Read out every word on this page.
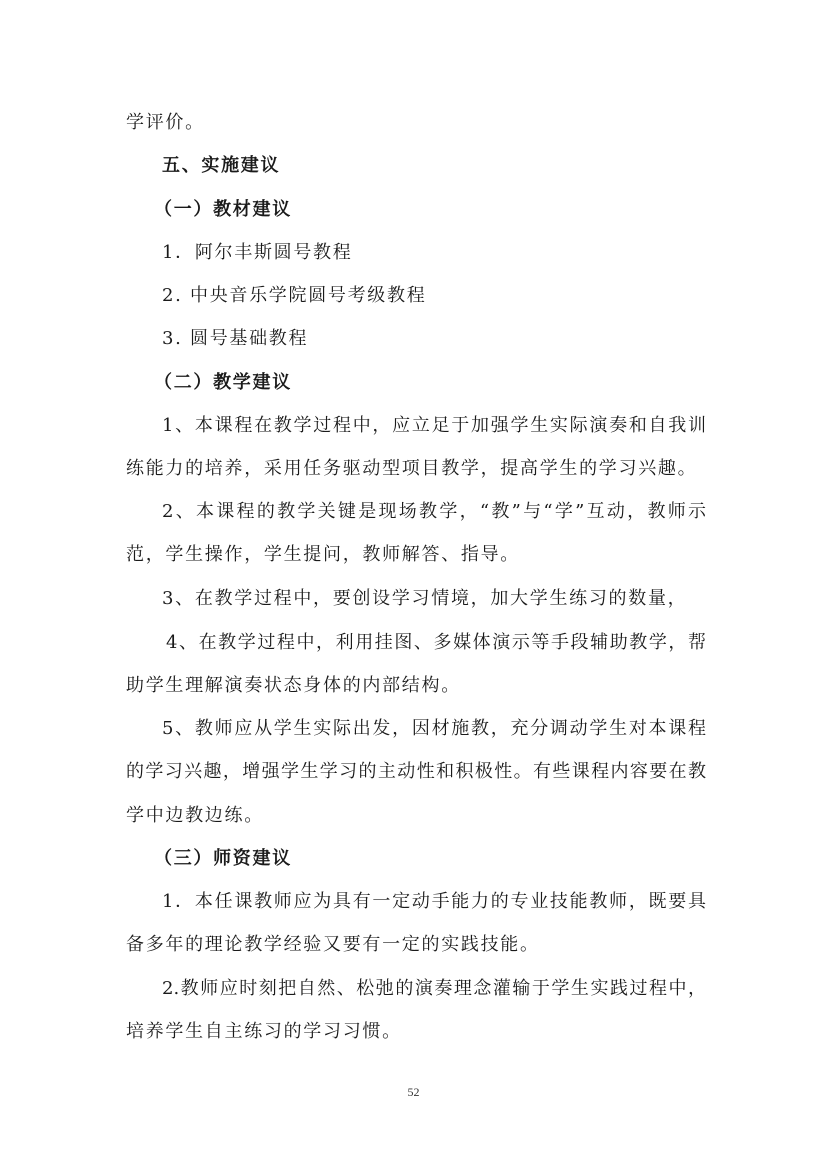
学评价。
五、实施建议
（一）教材建议
1．阿尔丰斯圆号教程
2. 中央音乐学院圆号考级教程
3. 圆号基础教程
（二）教学建议
1、本课程在教学过程中，应立足于加强学生实际演奏和自我训
练能力的培养，采用任务驱动型项目教学，提高学生的学习兴趣。
2、本课程的教学关键是现场教学，“教”与“学”互动，教师示
范，学生操作，学生提问，教师解答、指导。
3、在教学过程中，要创设学习情境，加大学生练习的数量，
4、在教学过程中，利用挂图、多媒体演示等手段辅助教学，帮
助学生理解演奏状态身体的内部结构。
5、教师应从学生实际出发，因材施教，充分调动学生对本课程
的学习兴趣，增强学生学习的主动性和积极性。有些课程内容要在教
学中边教边练。
（三）师资建议
1．本任课教师应为具有一定动手能力的专业技能教师，既要具
备多年的理论教学经验又要有一定的实践技能。
2.教师应时刻把自然、松弛的演奏理念灌输于学生实践过程中，
培养学生自主练习的学习习惯。
52
